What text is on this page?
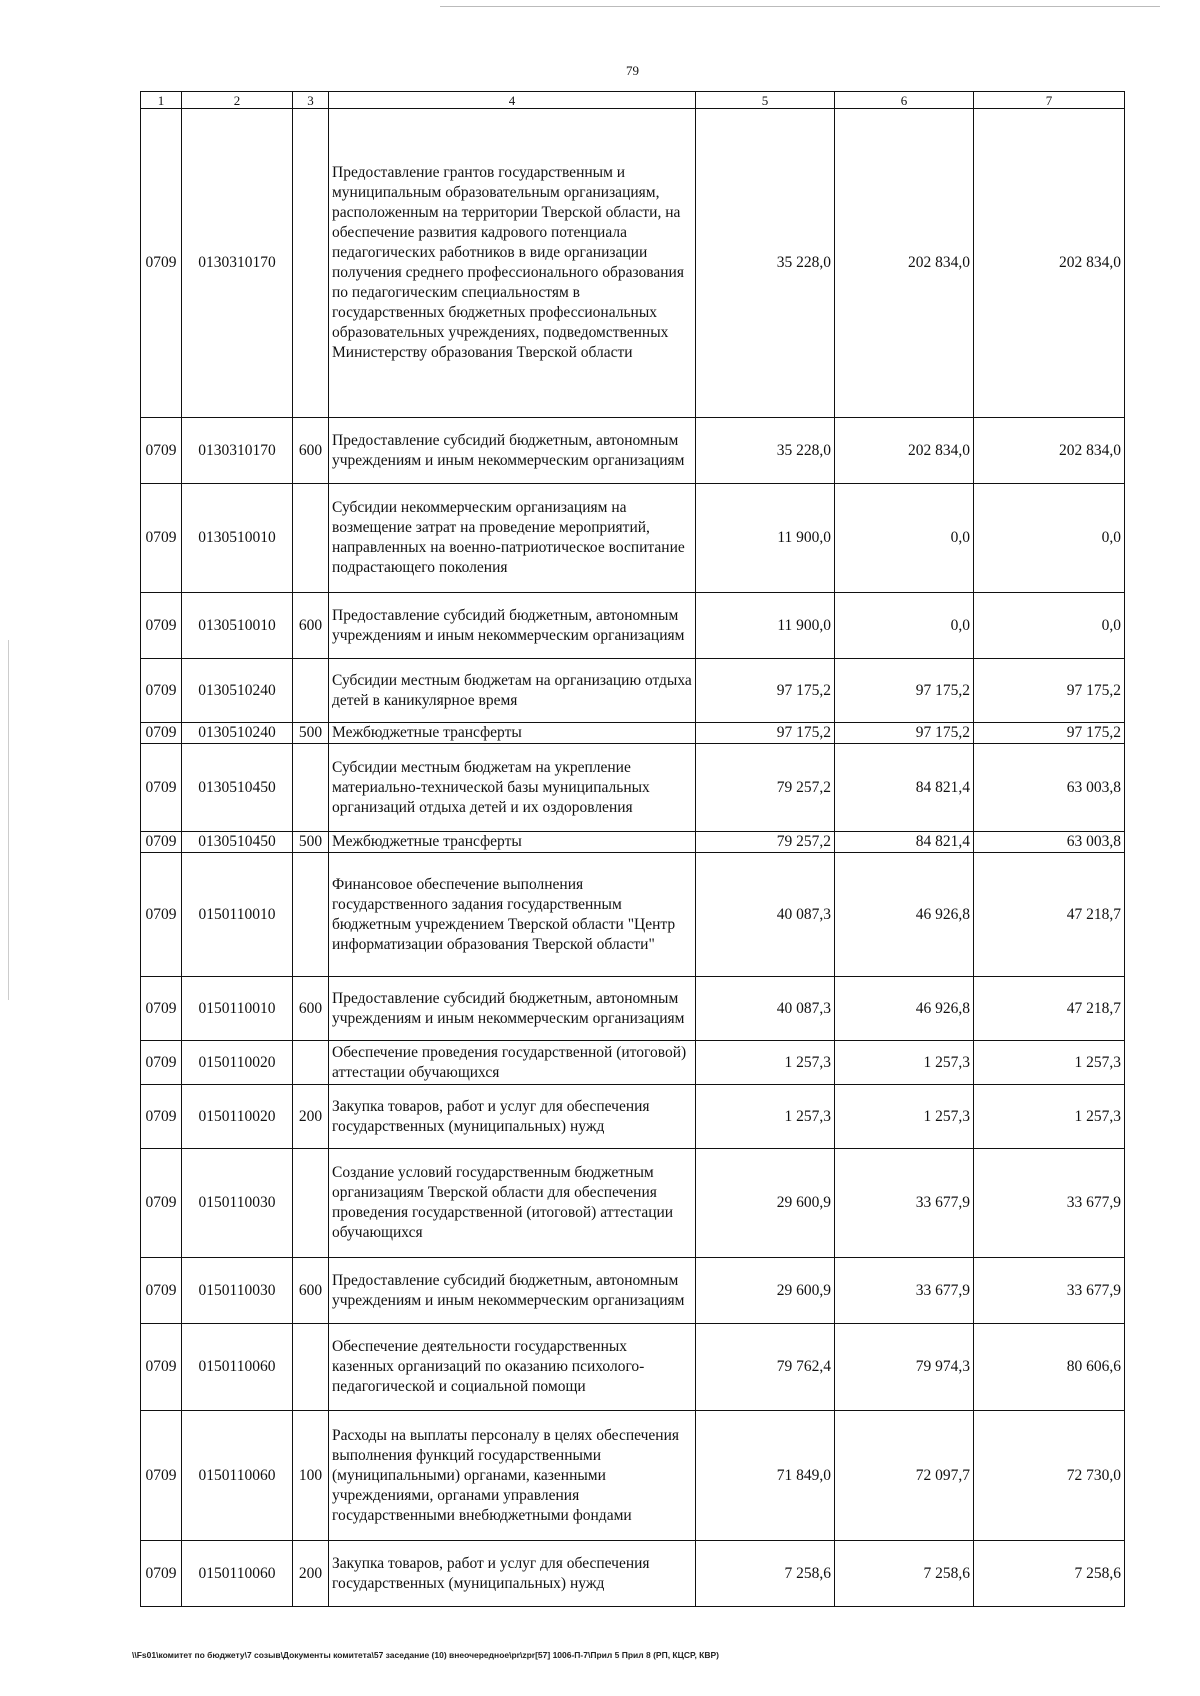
79
1	2	3	4	5	6	7
0709	0130310170		Предоставление грантов государственным и муниципальным образовательным организациям, расположенным на территории Тверской области, на обеспечение развития кадрового потенциала педагогических работников в виде организации получения среднего профессионального образования по педагогическим специальностям в государственных бюджетных профессиональных образовательных учреждениях, подведомственных Министерству образования Тверской области	35 228,0	202 834,0	202 834,0
0709	0130310170	600	Предоставление субсидий бюджетным, автономным учреждениям и иным некоммерческим организациям	35 228,0	202 834,0	202 834,0
0709	0130510010		Субсидии некоммерческим организациям на возмещение затрат на проведение мероприятий, направленных на военно-патриотическое воспитание подрастающего поколения	11 900,0	0,0	0,0
0709	0130510010	600	Предоставление субсидий бюджетным, автономным учреждениям и иным некоммерческим организациям	11 900,0	0,0	0,0
0709	0130510240		Субсидии местным бюджетам на организацию отдыха детей в каникулярное время	97 175,2	97 175,2	97 175,2
0709	0130510240	500	Межбюджетные трансферты	97 175,2	97 175,2	97 175,2
0709	0130510450		Субсидии местным бюджетам на укрепление материально-технической базы муниципальных организаций отдыха детей и их оздоровления	79 257,2	84 821,4	63 003,8
0709	0130510450	500	Межбюджетные трансферты	79 257,2	84 821,4	63 003,8
0709	0150110010		Финансовое обеспечение выполнения государственного задания государственным бюджетным учреждением Тверской области "Центр информатизации образования Тверской области"	40 087,3	46 926,8	47 218,7
0709	0150110010	600	Предоставление субсидий бюджетным, автономным учреждениям и иным некоммерческим организациям	40 087,3	46 926,8	47 218,7
0709	0150110020		Обеспечение проведения государственной (итоговой) аттестации обучающихся	1 257,3	1 257,3	1 257,3
0709	0150110020	200	Закупка товаров, работ и услуг для обеспечения государственных (муниципальных) нужд	1 257,3	1 257,3	1 257,3
0709	0150110030		Создание условий государственным бюджетным организациям Тверской области для обеспечения проведения государственной (итоговой) аттестации обучающихся	29 600,9	33 677,9	33 677,9
0709	0150110030	600	Предоставление субсидий бюджетным, автономным учреждениям и иным некоммерческим организациям	29 600,9	33 677,9	33 677,9
0709	0150110060		Обеспечение деятельности государственных казенных организаций по оказанию психолого-педагогической и социальной помощи	79 762,4	79 974,3	80 606,6
0709	0150110060	100	Расходы на выплаты персоналу в целях обеспечения выполнения функций государственными (муниципальными) органами, казенными учреждениями, органами управления государственными внебюджетными фондами	71 849,0	72 097,7	72 730,0
0709	0150110060	200	Закупка товаров, работ и услуг для обеспечения государственных (муниципальных) нужд	7 258,6	7 258,6	7 258,6
\\Fs01\комитет по бюджету\7 созыв\Документы комитета\57 заседание (10) внеочередное\pr\zpr[57] 1006-П-7\Прил 5 Прил 8 (РП, КЦСР, КВР)
